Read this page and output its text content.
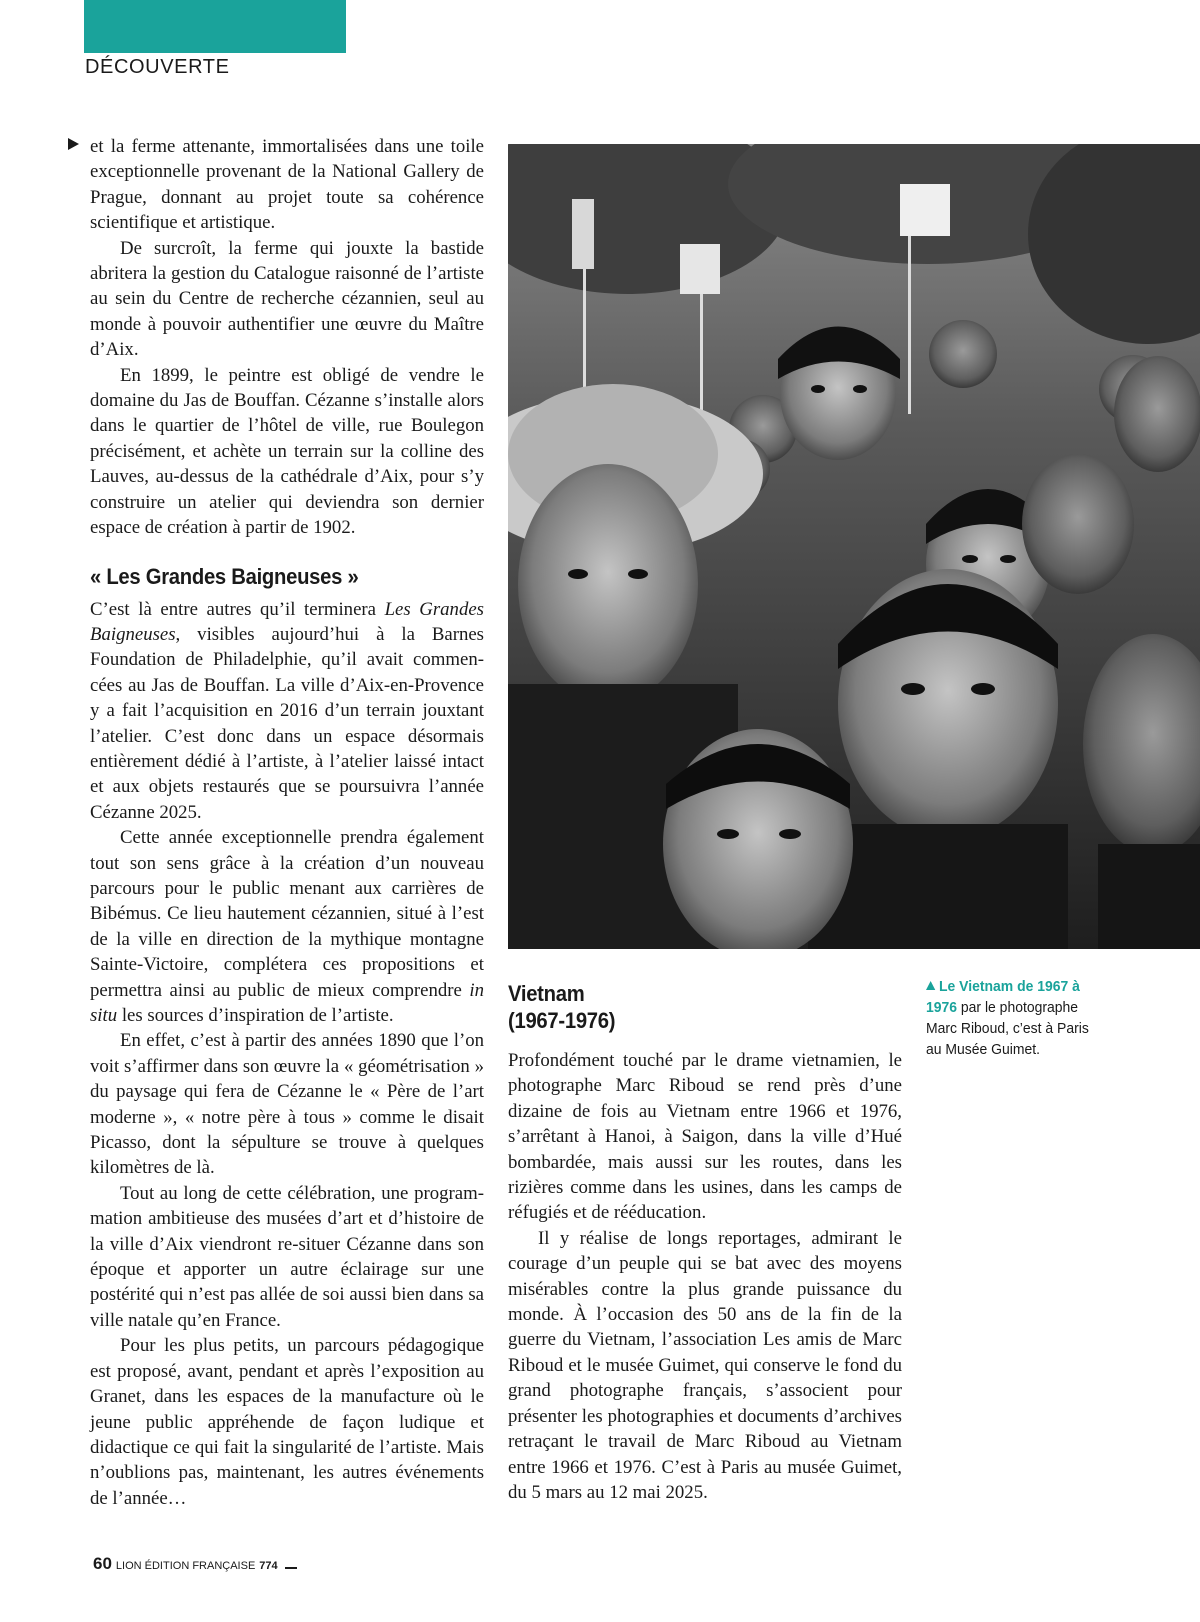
DÉCOUVERTE

et la ferme attenante, immortalisées dans une toile exceptionnelle provenant de la National Gallery de Prague, donnant au projet toute sa cohérence scientifique et artistique.

De surcroît, la ferme qui jouxte la bastide abritera la gestion du Catalogue raisonné de l’artiste au sein du Centre de recherche cézannien, seul au monde à pouvoir authentifier une œuvre du Maître d’Aix.

En 1899, le peintre est obligé de vendre le domaine du Jas de Bouffan. Cézanne s’installe alors dans le quartier de l’hôtel de ville, rue Boulegon précisément, et achète un terrain sur la colline des Lauves, au-dessus de la cathédrale d’Aix, pour s’y construire un atelier qui deviendra son dernier espace de création à partir de 1902.

« Les Grandes Baigneuses »

C’est là entre autres qu’il terminera Les Grandes Baigneuses, visibles aujourd’hui à la Barnes Foundation de Philadelphie, qu’il avait commencées au Jas de Bouffan. La ville d’Aix-en-Provence y a fait l’acquisition en 2016 d’un terrain jouxtant l’atelier. C’est donc dans un espace désormais entièrement dédié à l’artiste, à l’atelier laissé intact et aux objets restaurés que se poursuivra l’année Cézanne 2025.

Cette année exceptionnelle prendra également tout son sens grâce à la création d’un nouveau parcours pour le public menant aux carrières de Bibémus. Ce lieu hautement cézannien, situé à l’est de la ville en direction de la mythique montagne Sainte-Victoire, complétera ces propositions et permettra ainsi au public de mieux comprendre in situ les sources d’inspiration de l’artiste.

En effet, c’est à partir des années 1890 que l’on voit s’affirmer dans son œuvre la « géométrisation » du paysage qui fera de Cézanne le « Père de l’art moderne », « notre père à tous » comme le disait Picasso, dont la sépulture se trouve à quelques kilomètres de là.

Tout au long de cette célébration, une programmation ambitieuse des musées d’art et d’histoire de la ville d’Aix viendront re-situer Cézanne dans son époque et apporter un autre éclairage sur une postérité qui n’est pas allée de soi aussi bien dans sa ville natale qu’en France.

Pour les plus petits, un parcours pédagogique est proposé, avant, pendant et après l’exposition au Granet, dans les espaces de la manufacture où le jeune public appréhende de façon ludique et didactique ce qui fait la singularité de l’artiste. Mais n’oublions pas, maintenant, les autres événements de l’année…

Le Vietnam de 1967 à 1976 par le photographe Marc Riboud, c’est à Paris au Musée Guimet.
Vietnam
(1967-1976)

Profondément touché par le drame vietnamien, le photographe Marc Riboud se rend près d’une dizaine de fois au Vietnam entre 1966 et 1976, s’arrêtant à Hanoi, à Saigon, dans la ville d’Hué bombardée, mais aussi sur les routes, dans les rizières comme dans les usines, dans les camps de réfugiés et de rééducation.

Il y réalise de longs reportages, admirant le courage d’un peuple qui se bat avec des moyens misérables contre la plus grande puissance du monde. À l’occasion des 50 ans de la fin de la guerre du Vietnam, l’association Les amis de Marc Riboud et le musée Guimet, qui conserve le fond du grand photographe français, s’associent pour présenter les photographies et documents d’archives retraçant le travail de Marc Riboud au Vietnam entre 1966 et 1976. C’est à Paris au musée Guimet, du 5 mars au 12 mai 2025.

60 LION ÉDITION FRANÇAISE 774
